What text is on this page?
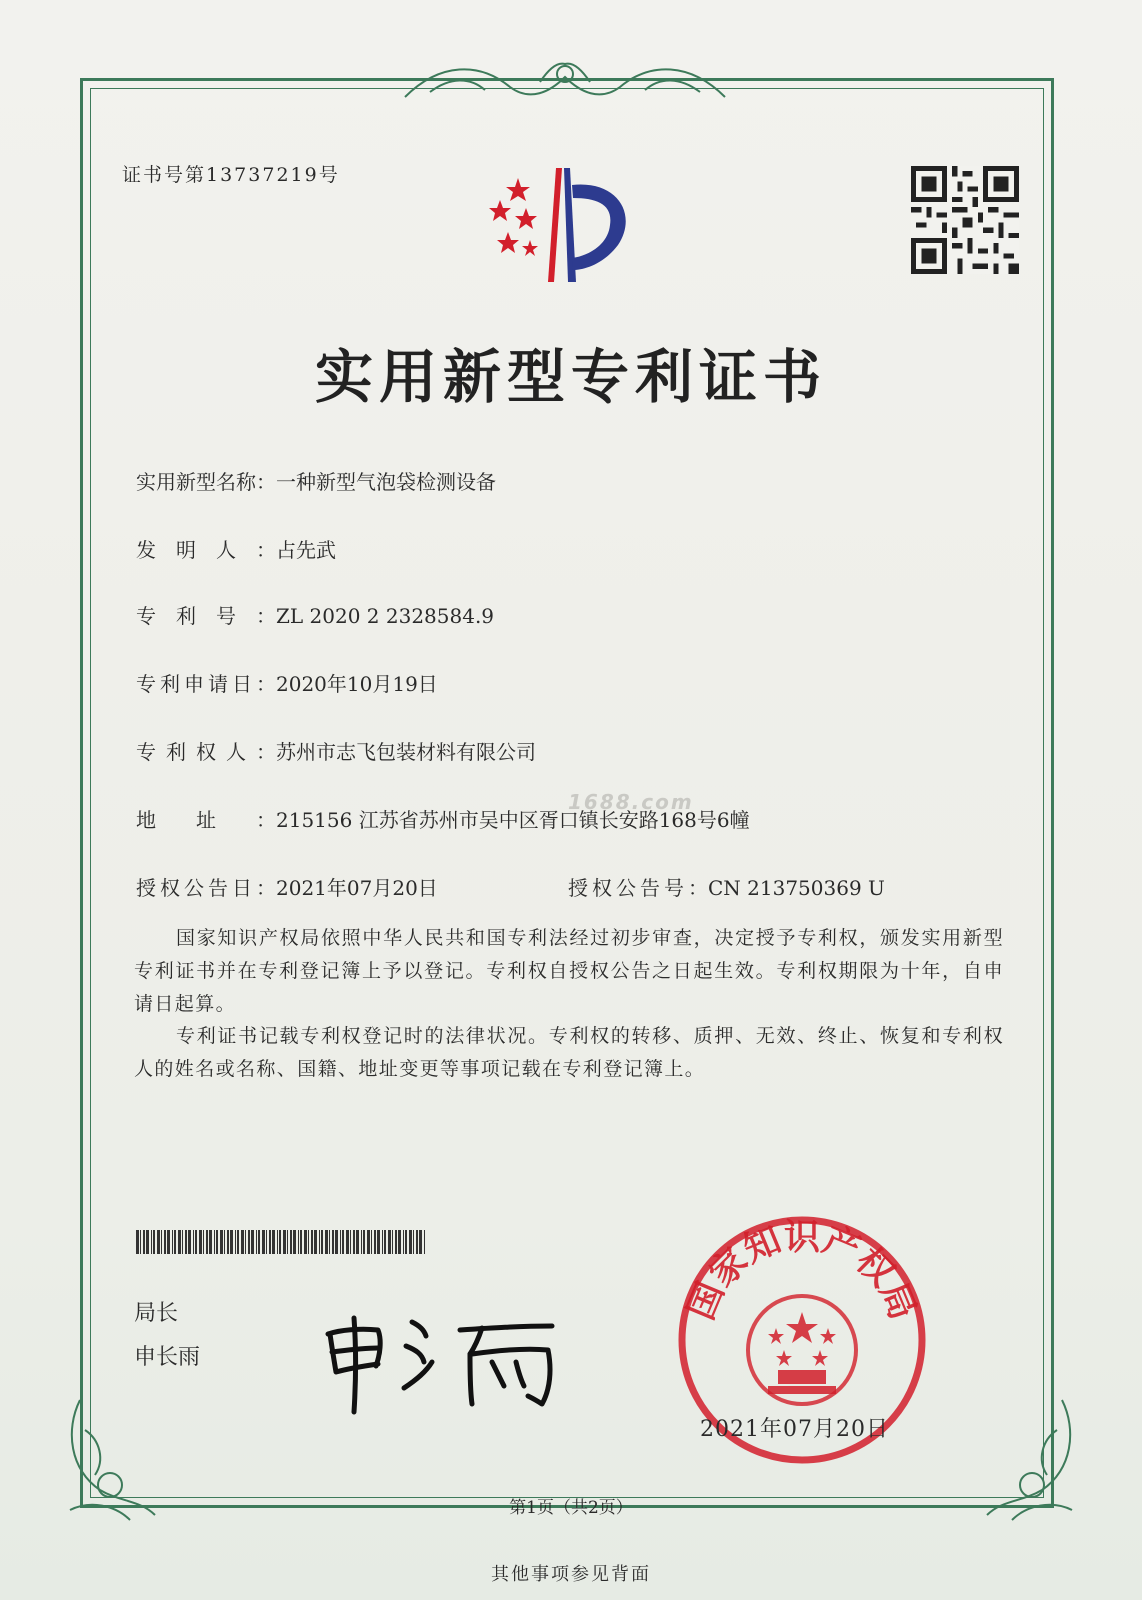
证书号第13737219号
实用新型专利证书
实用新型名称：一种新型气泡袋检测设备
发明人：占先武
专利号：ZL 2020 2 2328584.9
专利申请日：2020年10月19日
专利权人：苏州市志飞包装材料有限公司
1688.com
地址：215156 江苏省苏州市吴中区胥口镇长安路168号6幢
授权公告日：2021年07月20日	授权公告号：CN 213750369 U
国家知识产权局依照中华人民共和国专利法经过初步审查，决定授予专利权，颁发实用新型专利证书并在专利登记簿上予以登记。专利权自授权公告之日起生效。专利权期限为十年，自申请日起算。
专利证书记载专利权登记时的法律状况。专利权的转移、质押、无效、终止、恢复和专利权人的姓名或名称、国籍、地址变更等事项记载在专利登记簿上。
局长
申长雨
国家知识产权局
2021年07月20日
第1页（共2页）
其他事项参见背面
